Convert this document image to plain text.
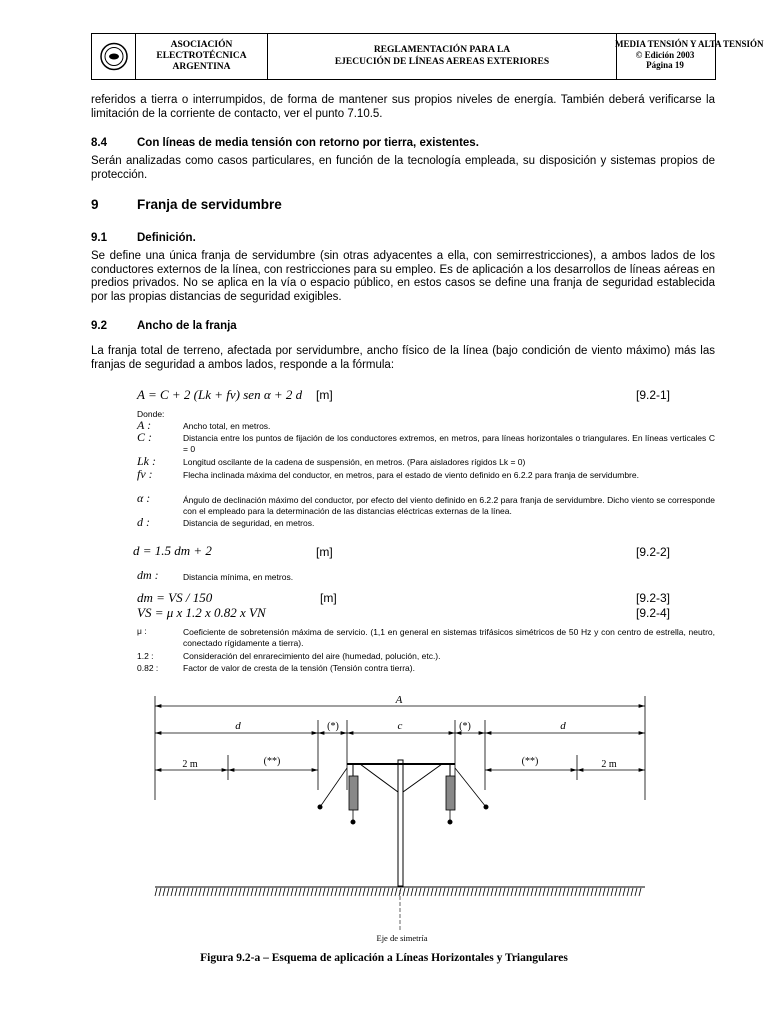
ASOCIACIÓN
ELECTROTÉCNICA
ARGENTINA
REGLAMENTACIÓN PARA LA
EJECUCIÓN DE LÍNEAS AEREAS EXTERIORES
MEDIA TENSIÓN Y ALTA TENSIÓN
© Edición 2003
Página 19
referidos a tierra o interrumpidos, de forma de mantener sus propios niveles de energía. También deberá verificarse la limitación de la corriente de contacto, ver el punto 7.10.5.
8.4	Con líneas de media tensión con retorno por tierra, existentes.
Serán analizadas como casos particulares, en función de la tecnología empleada, su disposición y sistemas propios de protección.
9	Franja de servidumbre
9.1	Definición.
Se define una única franja de servidumbre (sin otras adyacentes a ella, con semirrestricciones), a ambos lados de los conductores externos de la línea, con restricciones para su empleo. Es de aplicación a los desarrollos de líneas aéreas en predios privados. No se aplica en la vía o espacio público, en estos casos se define una franja de seguridad establecida por las propias distancias de seguridad exigibles.
9.2	Ancho de la franja
La franja total de terreno, afectada por servidumbre, ancho físico de la línea (bajo condición de viento máximo) más las franjas de seguridad a ambos lados, responde a la fórmula:
A = C + 2 (Lk + fv) sen α + 2 d [m]	[9.2-1]
Donde:
A :	Ancho total, en metros.
C :	Distancia entre los puntos de fijación de los conductores extremos, en metros, para líneas horizontales o triangulares. En líneas verticales C = 0
Lk :	Longitud oscilante de la cadena de suspensión, en metros. (Para aisladores rígidos Lk = 0)
fv :	Flecha inclinada máxima del conductor, en metros, para el estado de viento definido en 6.2.2 para franja de servidumbre.
α :	Ángulo de declinación máximo del conductor, por efecto del viento definido en 6.2.2 para franja de servidumbre. Dicho viento se corresponde con el empleado para la determinación de las distancias eléctricas externas de la línea.
d :	Distancia de seguridad, en metros.
d = 1.5 dm + 2	[m]	[9.2-2]
dm :	Distancia mínima, en metros.
dm = VS / 150	[m]	[9.2-3]
VS = μ x 1.2 x 0.82 x VN	[9.2-4]
μ :	Coeficiente de sobretensión máxima de servicio. (1,1 en general en sistemas trifásicos simétricos de 50 Hz y con centro de estrella, neutro, conectado rígidamente a tierra).
1.2 :	Consideración del enrarecimiento del aire (humedad, polución, etc.).
0.82 :	Factor de valor de cresta de la tensión (Tensión contra tierra).
A
d	(*)	c	(*)	d
2 m	(**)	(**)	2 m
Eje de simetría
Figura 9.2-a – Esquema de aplicación a Líneas Horizontales y Triangulares
